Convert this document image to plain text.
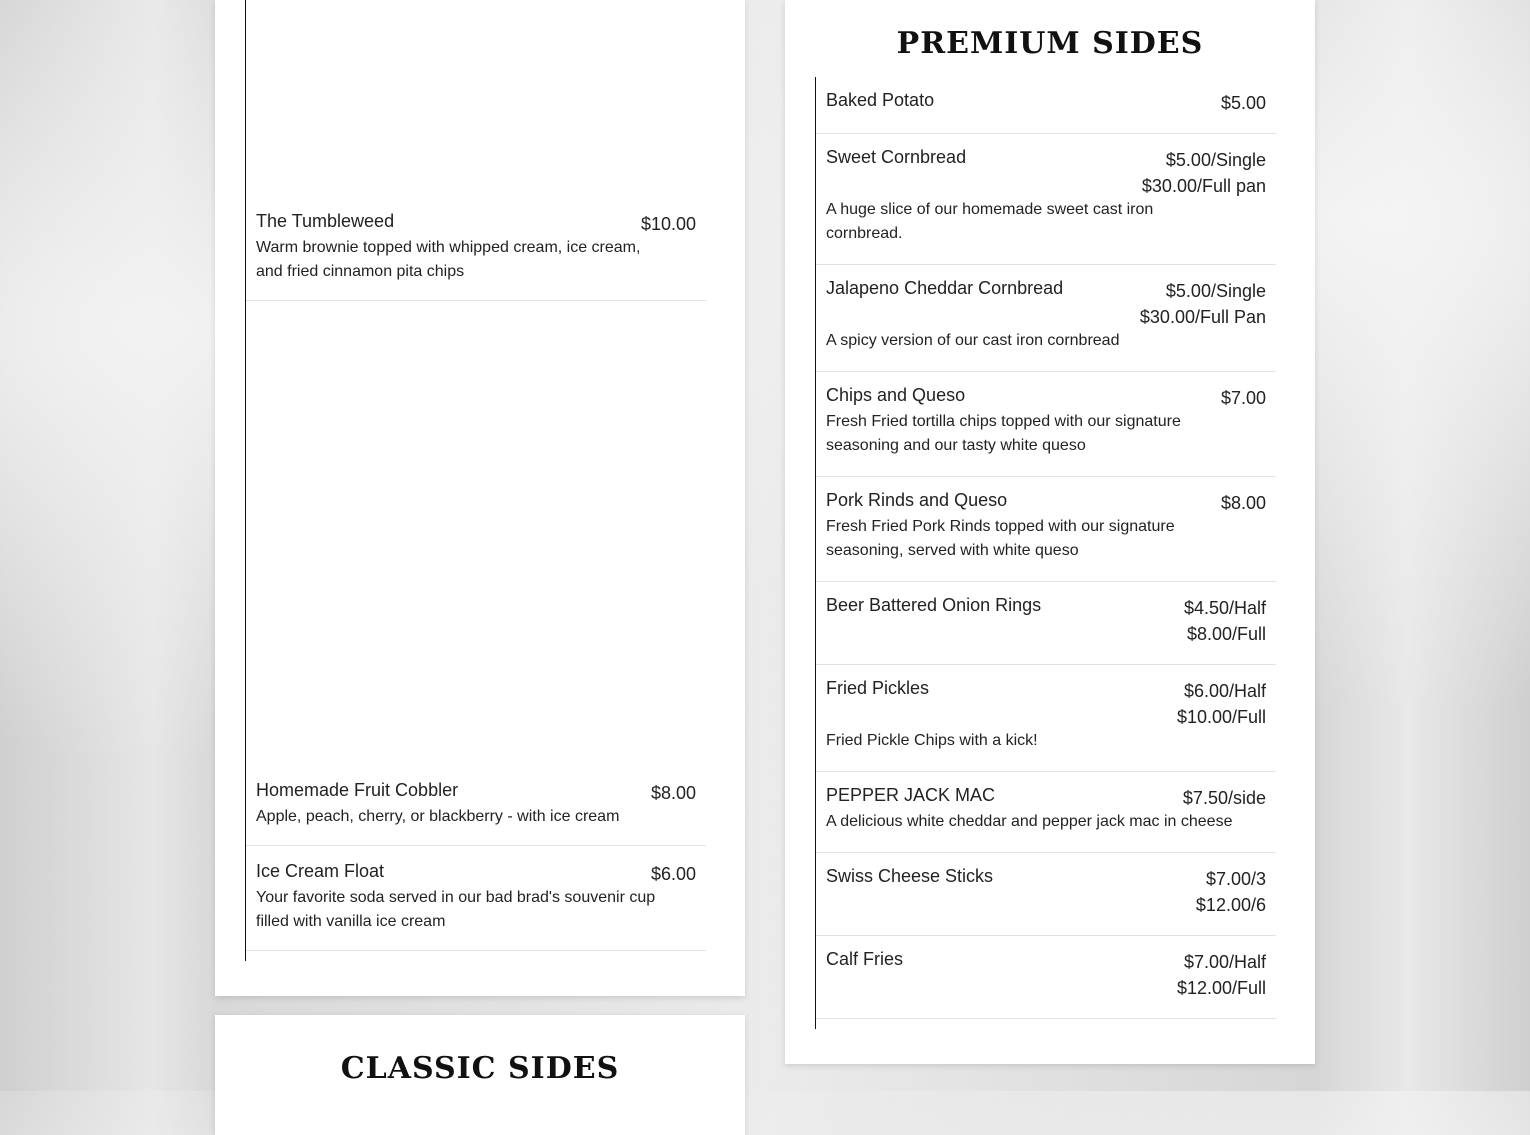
The Tumbleweed
Warm brownie topped with whipped cream, ice cream, and fried cinnamon pita chips
$10.00
Homemade Fruit Cobbler
Apple, peach, cherry, or blackberry - with ice cream
$8.00
Ice Cream Float
Your favorite soda served in our bad brad's souvenir cup filled with vanilla ice cream
$6.00
CLASSIC SIDES
PREMIUM SIDES
Baked Potato	$5.00
Sweet Cornbread
A huge slice of our homemade sweet cast iron cornbread.
$5.00/Single
$30.00/Full pan
Jalapeno Cheddar Cornbread
A spicy version of our cast iron cornbread
$5.00/Single
$30.00/Full Pan
Chips and Queso
Fresh Fried tortilla chips topped with our signature seasoning and our tasty white queso
$7.00
Pork Rinds and Queso
Fresh Fried Pork Rinds topped with our signature seasoning, served with white queso
$8.00
Beer Battered Onion Rings	$4.50/Half
$8.00/Full
Fried Pickles
Fried Pickle Chips with a kick!
$6.00/Half
$10.00/Full
PEPPER JACK MAC
A delicious white cheddar and pepper jack mac in cheese
$7.50/side
Swiss Cheese Sticks	$7.00/3
$12.00/6
Calf Fries	$7.00/Half
$12.00/Full
